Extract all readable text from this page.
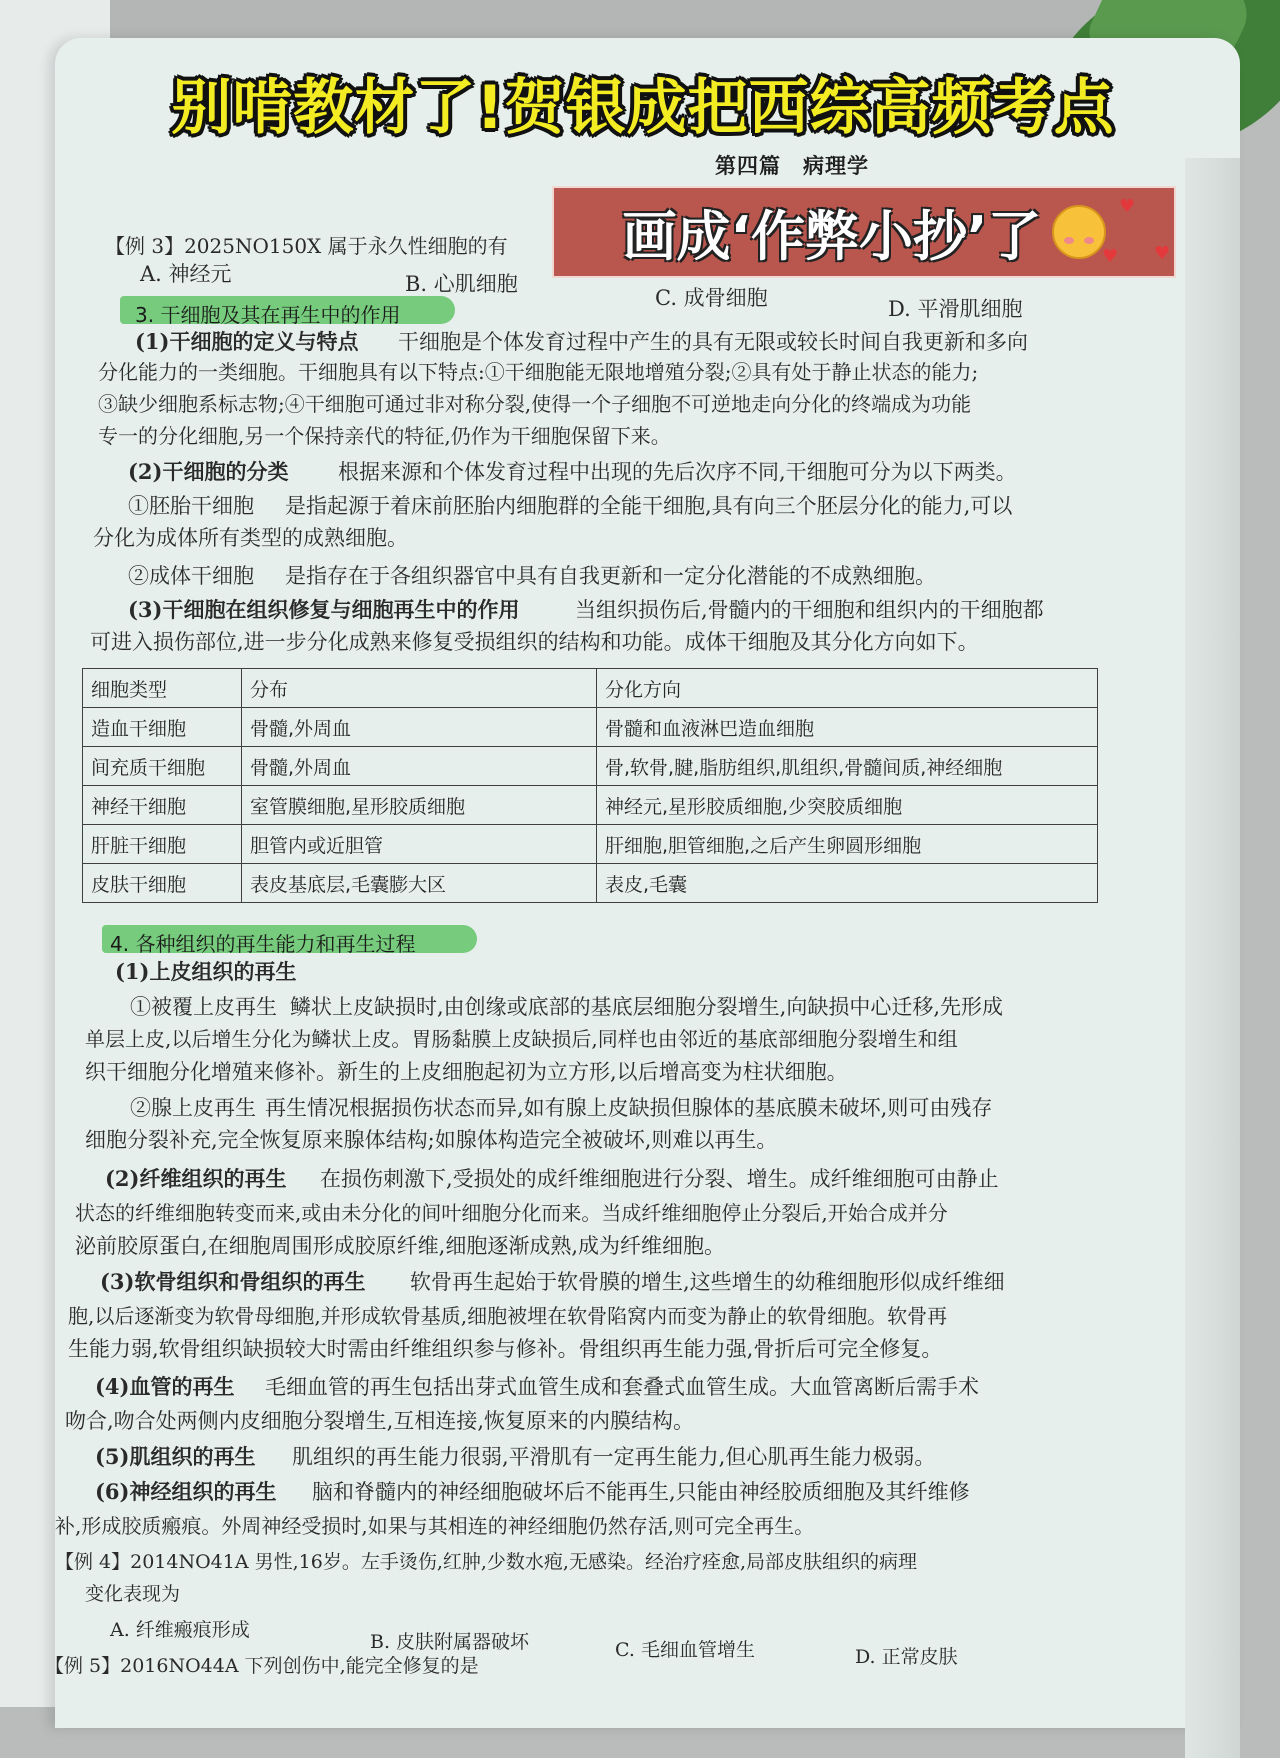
第四篇 病理学
别啃教材了!贺银成把西综高频考点
画成‘作弊小抄’了	♥
♥
♥
【例 3】2025NO150X 属于永久性细胞的有
A. 神经元	B. 心肌细胞
C. 成骨细胞	D. 平滑肌细胞
3. 干细胞及其在再生中的作用
(1)干细胞的定义与特点 干细胞是个体发育过程中产生的具有无限或较长时间自我更新和多向
分化能力的一类细胞。干细胞具有以下特点:①干细胞能无限地增殖分裂;②具有处于静止状态的能力;
③缺少细胞系标志物;④干细胞可通过非对称分裂,使得一个子细胞不可逆地走向分化的终端成为功能
专一的分化细胞,另一个保持亲代的特征,仍作为干细胞保留下来。
(2)干细胞的分类 根据来源和个体发育过程中出现的先后次序不同,干细胞可分为以下两类。
①胚胎干细胞 是指起源于着床前胚胎内细胞群的全能干细胞,具有向三个胚层分化的能力,可以
分化为成体所有类型的成熟细胞。
②成体干细胞 是指存在于各组织器官中具有自我更新和一定分化潜能的不成熟细胞。
(3)干细胞在组织修复与细胞再生中的作用	当组织损伤后,骨髓内的干细胞和组织内的干细胞都
可进入损伤部位,进一步分化成熟来修复受损组织的结构和功能。成体干细胞及其分化方向如下。
细胞类型	分布	分化方向
造血干细胞	骨髓,外周血	骨髓和血液淋巴造血细胞
间充质干细胞	骨髓,外周血	骨,软骨,腱,脂肪组织,肌组织,骨髓间质,神经细胞
神经干细胞	室管膜细胞,星形胶质细胞	神经元,星形胶质细胞,少突胶质细胞
肝脏干细胞	胆管内或近胆管	肝细胞,胆管细胞,之后产生卵圆形细胞
皮肤干细胞	表皮基底层,毛囊膨大区	表皮,毛囊
4. 各种组织的再生能力和再生过程
(1)上皮组织的再生
①被覆上皮再生 鳞状上皮缺损时,由创缘或底部的基底层细胞分裂增生,向缺损中心迁移,先形成
单层上皮,以后增生分化为鳞状上皮。胃肠黏膜上皮缺损后,同样也由邻近的基底部细胞分裂增生和组
织干细胞分化增殖来修补。新生的上皮细胞起初为立方形,以后增高变为柱状细胞。
②腺上皮再生 再生情况根据损伤状态而异,如有腺上皮缺损但腺体的基底膜未破坏,则可由残存
细胞分裂补充,完全恢复原来腺体结构;如腺体构造完全被破坏,则难以再生。
(2)纤维组织的再生 在损伤刺激下,受损处的成纤维细胞进行分裂、增生。成纤维细胞可由静止
状态的纤维细胞转变而来,或由未分化的间叶细胞分化而来。当成纤维细胞停止分裂后,开始合成并分
泌前胶原蛋白,在细胞周围形成胶原纤维,细胞逐渐成熟,成为纤维细胞。
(3)软骨组织和骨组织的再生 软骨再生起始于软骨膜的增生,这些增生的幼稚细胞形似成纤维细
胞,以后逐渐变为软骨母细胞,并形成软骨基质,细胞被埋在软骨陷窝内而变为静止的软骨细胞。软骨再
生能力弱,软骨组织缺损较大时需由纤维组织参与修补。骨组织再生能力强,骨折后可完全修复。
(4)血管的再生 毛细血管的再生包括出芽式血管生成和套叠式血管生成。大血管离断后需手术
吻合,吻合处两侧内皮细胞分裂增生,互相连接,恢复原来的内膜结构。
(5)肌组织的再生 肌组织的再生能力很弱,平滑肌有一定再生能力,但心肌再生能力极弱。
(6)神经组织的再生 脑和脊髓内的神经细胞破坏后不能再生,只能由神经胶质细胞及其纤维修
补,形成胶质瘢痕。外周神经受损时,如果与其相连的神经细胞仍然存活,则可完全再生。
【例 4】2014NO41A 男性,16岁。左手烫伤,红肿,少数水疱,无感染。经治疗痊愈,局部皮肤组织的病理
变化表现为
A. 纤维瘢痕形成
B. 皮肤附属器破坏	C. 毛细血管增生	D. 正常皮肤
【例 5】2016NO44A 下列创伤中,能完全修复的是
